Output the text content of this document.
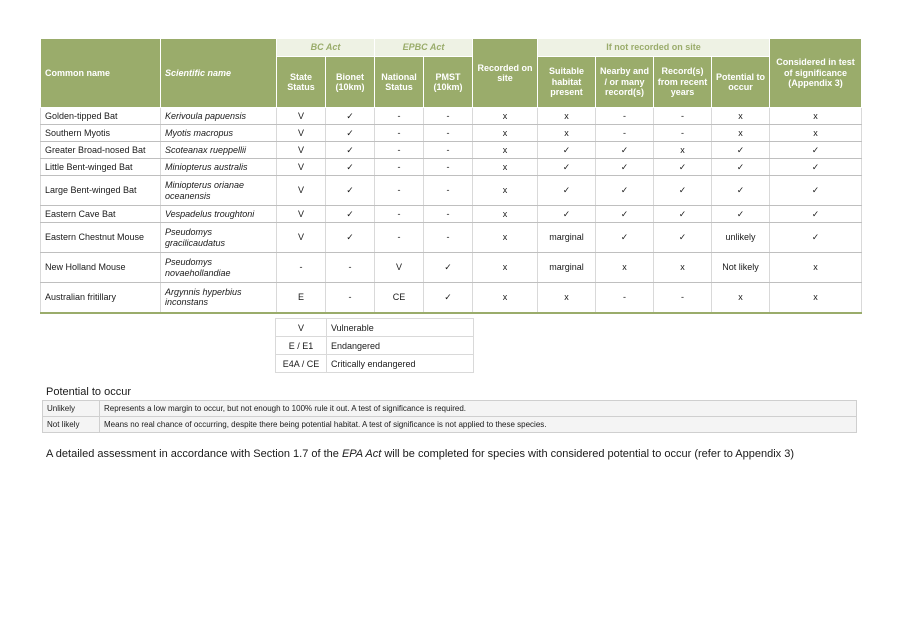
Common name	Scientific name	BC Act		EPBC Act		Recorded on site	If not recorded on site				Considered in test of significance (Appendix 3)
		State Status	Bionet (10km)	National Status	PMST (10km)		Suitable habitat present	Nearby and / or many record(s)	Record(s) from recent years	Potential to occur	
Golden-tipped Bat	Kerivoula papuensis	V	✓	-	-	x	x	-	-	x	x
Southern Myotis	Myotis macropus	V	✓	-	-	x	x	-	-	x	x
Greater Broad-nosed Bat	Scoteanax rueppellii	V	✓	-	-	x	✓	✓	x	✓	✓
Little Bent-winged Bat	Miniopterus australis	V	✓	-	-	x	✓	✓	✓	✓	✓
Large Bent-winged Bat	Miniopterus orianae oceanensis	V	✓	-	-	x	✓	✓	✓	✓	✓
Eastern Cave Bat	Vespadelus troughtoni	V	✓	-	-	x	✓	✓	✓	✓	✓
Eastern Chestnut Mouse	Pseudomys gracilicaudatus	V	✓	-	-	x	marginal	✓	✓	unlikely	✓
New Holland Mouse	Pseudomys novaehollandiae	-	-	V	✓	x	marginal	x	x	Not likely	x
Australian fritillary	Argynnis hyperbius inconstans	E	-	CE	✓	x	x	-	-	x	x
V	Vulnerable
E / E1	Endangered
E4A / CE	Critically endangered
Potential to occur
Unlikely	Represents a low margin to occur, but not enough to 100% rule it out. A test of significance is required.
Not likely	Means no real chance of occurring, despite there being potential habitat. A test of significance is not applied to these species.
A detailed assessment in accordance with Section 1.7 of the EPA Act will be completed for species with considered potential to occur (refer to Appendix 3)
